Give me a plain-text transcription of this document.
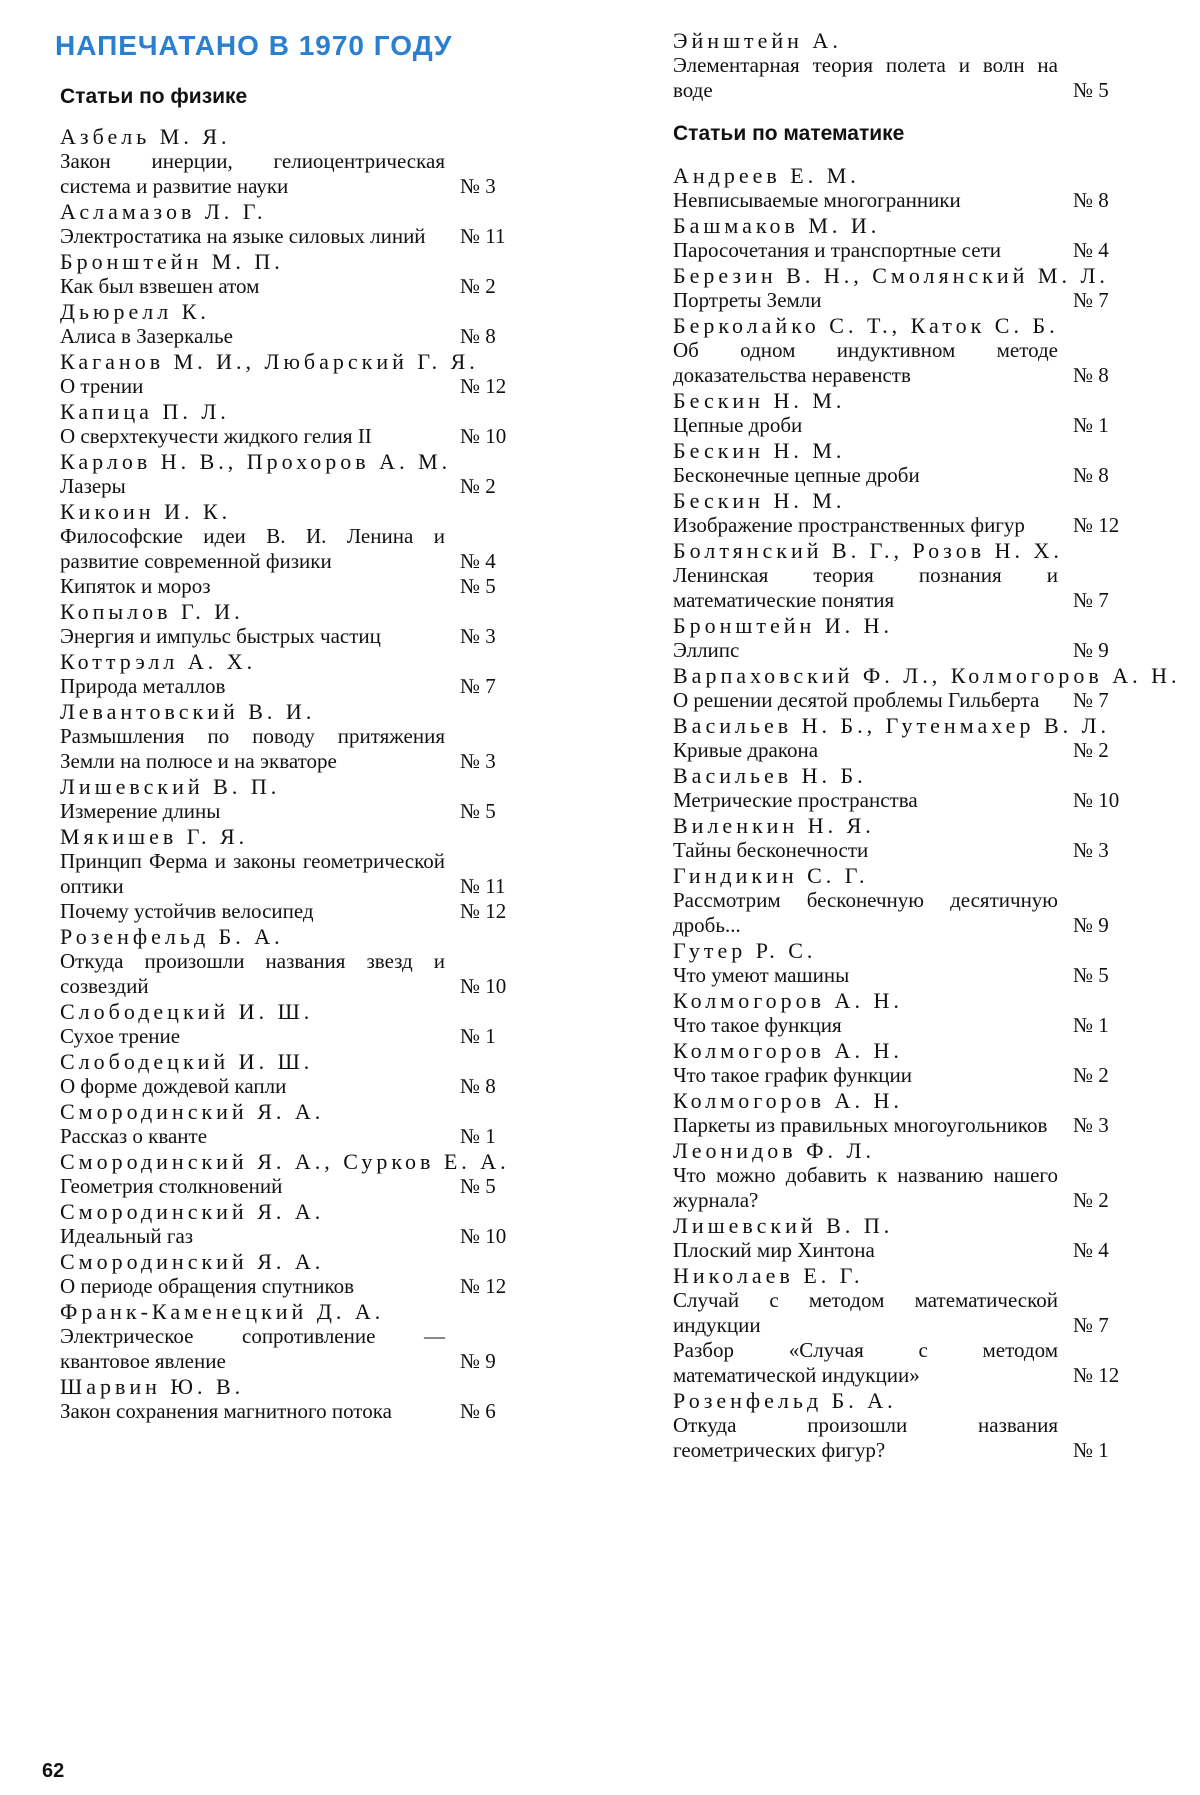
НАПЕЧАТАНО В 1970 ГОДУ
Статьи по физике
Азбель М. Я.
Закон инерции, гелиоцентрическая система и развитие науки	№ 3
Асламазов Л. Г.
Электростатика на языке силовых линий	№ 11
Бронштейн М. П.
Как был взвешен атом	№ 2
Дьюрелл К.
Алиса в Зазеркалье	№ 8
Каганов М. И., Любарский Г. Я.
О трении	№ 12
Капица П. Л.
О сверхтекучести жидкого гелия II	№ 10
Карлов Н. В., Прохоров А. М.
Лазеры	№ 2
Кикоин И. К.
Философские идеи В. И. Ленина и развитие современной физики	№ 4
Кипяток и мороз	№ 5
Копылов Г. И.
Энергия и импульс быстрых частиц	№ 3
Коттрэлл А. Х.
Природа металлов	№ 7
Левантовский В. И.
Размышления по поводу притяжения Земли на полюсе и на экваторе	№ 3
Лишевский В. П.
Измерение длины	№ 5
Мякишев Г. Я.
Принцип Ферма и законы геометрической оптики	№ 11
Почему устойчив велосипед	№ 12
Розенфельд Б. А.
Откуда произошли названия звезд и созвездий	№ 10
Слободецкий И. Ш.
Сухое трение	№ 1
Слободецкий И. Ш.
О форме дождевой капли	№ 8
Смородинский Я. А.
Рассказ о кванте	№ 1
Смородинский Я. А., Сурков Е. А.
Геометрия столкновений	№ 5
Смородинский Я. А.
Идеальный газ	№ 10
Смородинский Я. А.
О периоде обращения спутников	№ 12
Франк-Каменецкий Д. А.
Электрическое сопротивление — квантовое явление	№ 9
Шарвин Ю. В.
Закон сохранения магнитного потока	№ 6
Эйнштейн А.
Элементарная теория полета и волн на воде	№ 5
Статьи по математике
Андреев Е. М.
Невписываемые многогранники	№ 8
Башмаков М. И.
Паросочетания и транспортные сети	№ 4
Березин В. Н., Смолянский М. Л.
Портреты Земли	№ 7
Берколайко С. Т., Каток С. Б.
Об одном индуктивном методе доказательства неравенств	№ 8
Бескин Н. М.
Цепные дроби	№ 1
Бескин Н. М.
Бесконечные цепные дроби	№ 8
Бескин Н. М.
Изображение пространственных фигур	№ 12
Болтянский В. Г., Розов Н. Х.
Ленинская теория познания и математические понятия	№ 7
Бронштейн И. Н.
Эллипс	№ 9
Варпаховский Ф. Л., Колмогоров А. Н.
О решении десятой проблемы Гильберта	№ 7
Васильев Н. Б., Гутенмахер В. Л.
Кривые дракона	№ 2
Васильев Н. Б.
Метрические пространства	№ 10
Виленкин Н. Я.
Тайны бесконечности	№ 3
Гиндикин С. Г.
Рассмотрим бесконечную десятичную дробь...	№ 9
Гутер Р. С.
Что умеют машины	№ 5
Колмогоров А. Н.
Что такое функция	№ 1
Колмогоров А. Н.
Что такое график функции	№ 2
Колмогоров А. Н.
Паркеты из правильных многоугольников	№ 3
Леонидов Ф. Л.
Что можно добавить к названию нашего журнала?	№ 2
Лишевский В. П.
Плоский мир Хинтона	№ 4
Николаев Е. Г.
Случай с методом математической индукции	№ 7
Разбор «Случая с методом математической индукции»	№ 12
Розенфельд Б. А.
Откуда произошли названия геометрических фигур?	№ 1
62
